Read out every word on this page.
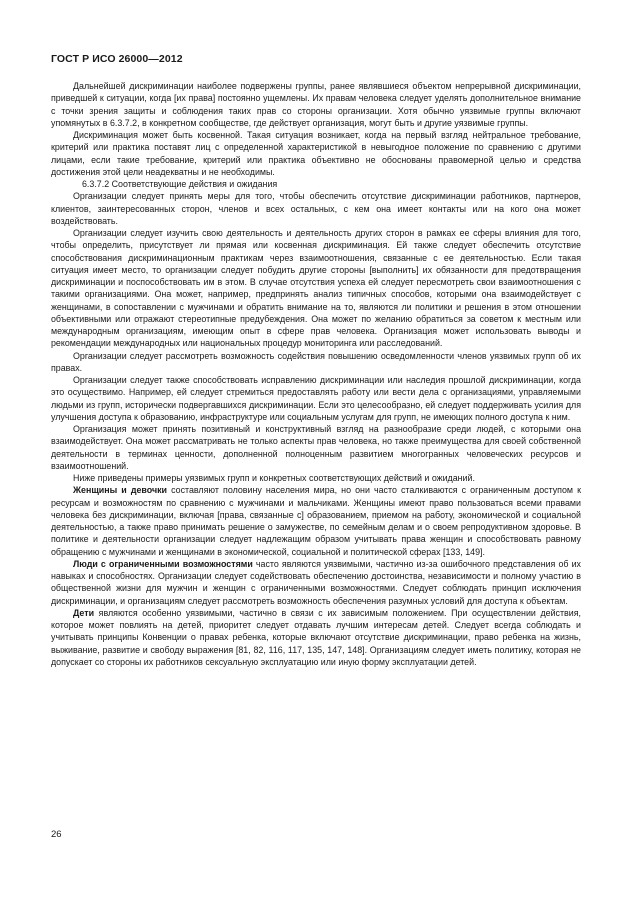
ГОСТ Р ИСО 26000—2012

Дальнейшей дискриминации наиболее подвержены группы, ранее являвшиеся объектом непрерывной дискриминации, приведшей к ситуации, когда [их права] постоянно ущемлены. Их правам человека следует уделять дополнительное внимание с точки зрения защиты и соблюдения таких прав со стороны организации. Хотя обычно уязвимые группы включают упомянутых в 6.3.7.2, в конкретном сообществе, где действует организация, могут быть и другие уязвимые группы.

Дискриминация может быть косвенной. Такая ситуация возникает, когда на первый взгляд нейтральное требование, критерий или практика поставят лиц с определенной характеристикой в невыгодное положение по сравнению с другими лицами, если такие требование, критерий или практика объективно не обоснованы правомерной целью и средства достижения этой цели неадекватны и не необходимы.

6.3.7.2 Соответствующие действия и ожидания

Организации следует принять меры для того, чтобы обеспечить отсутствие дискриминации работников, партнеров, клиентов, заинтересованных сторон, членов и всех остальных, с кем она имеет контакты или на кого она может воздействовать.

Организации следует изучить свою деятельность и деятельность других сторон в рамках ее сферы влияния для того, чтобы определить, присутствует ли прямая или косвенная дискриминация. Ей также следует обеспечить отсутствие способствования дискриминационным практикам через взаимоотношения, связанные с ее деятельностью. Если такая ситуация имеет место, то организации следует побудить другие стороны [выполнить] их обязанности для предотвращения дискриминации и поспособствовать им в этом. В случае отсутствия успеха ей следует пересмотреть свои взаимоотношения с такими организациями. Она может, например, предпринять анализ типичных способов, которыми она взаимодействует с женщинами, в сопоставлении с мужчинами и обратить внимание на то, являются ли политики и решения в этом отношении объективными или отражают стереотипные предубеждения. Она может по желанию обратиться за советом к местным или международным организациям, имеющим опыт в сфере прав человека. Организация может использовать выводы и рекомендации международных или национальных процедур мониторинга или расследований.

Организации следует рассмотреть возможность содействия повышению осведомленности членов уязвимых групп об их правах.

Организации следует также способствовать исправлению дискриминации или наследия прошлой дискриминации, когда это осуществимо. Например, ей следует стремиться предоставлять работу или вести дела с организациями, управляемыми людьми из групп, исторически подвергавшихся дискриминации. Если это целесообразно, ей следует поддерживать усилия для улучшения доступа к образованию, инфраструктуре или социальным услугам для групп, не имеющих полного доступа к ним.

Организация может принять позитивный и конструктивный взгляд на разнообразие среди людей, с которыми она взаимодействует. Она может рассматривать не только аспекты прав человека, но также преимущества для своей собственной деятельности в терминах ценности, дополненной полноценным развитием многогранных человеческих ресурсов и взаимоотношений.

Ниже приведены примеры уязвимых групп и конкретных соответствующих действий и ожиданий.

Женщины и девочки составляют половину населения мира, но они часто сталкиваются с ограниченным доступом к ресурсам и возможностям по сравнению с мужчинами и мальчиками. Женщины имеют право пользоваться всеми правами человека без дискриминации, включая [права, связанные с] образованием, приемом на работу, экономической и социальной деятельностью, а также право принимать решение о замужестве, по семейным делам и о своем репродуктивном здоровье. В политике и деятельности организации следует надлежащим образом учитывать права женщин и способствовать равному обращению с мужчинами и женщинами в экономической, социальной и политической сферах [133, 149].

Люди с ограниченными возможностями часто являются уязвимыми, частично из-за ошибочного представления об их навыках и способностях. Организации следует содействовать обеспечению достоинства, независимости и полному участию в общественной жизни для мужчин и женщин с ограниченными возможностями. Следует соблюдать принцип исключения дискриминации, и организациям следует рассмотреть возможность обеспечения разумных условий для доступа к объектам.

Дети являются особенно уязвимыми, частично в связи с их зависимым положением. При осуществлении действия, которое может повлиять на детей, приоритет следует отдавать лучшим интересам детей. Следует всегда соблюдать и учитывать принципы Конвенции о правах ребенка, которые включают отсутствие дискриминации, право ребенка на жизнь, выживание, развитие и свободу выражения [81, 82, 116, 117, 135, 147, 148]. Организациям следует иметь политику, которая не допускает со стороны их работников сексуальную эксплуатацию или иную форму эксплуатации детей.

26
